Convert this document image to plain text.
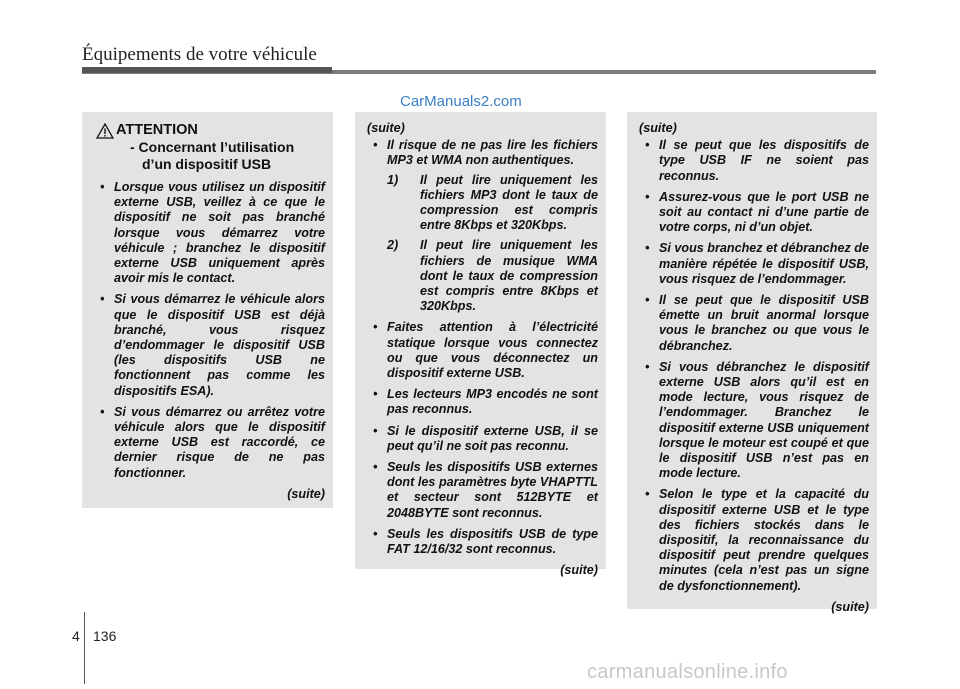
Équipements de votre véhicule
CarManuals2.com
ATTENTION
- Concernant l’utilisation
d’un dispositif USB
• Lorsque vous utilisez un dispositif externe USB, veillez à ce que le dispositif ne soit pas branché lorsque vous démarrez votre véhicule ; branchez le dispositif externe USB uniquement après avoir mis le contact.
• Si vous démarrez le véhicule alors que le dispositif USB est déjà branché, vous risquez d’endommager le dispositif USB (les dispositifs USB ne fonctionnent pas comme les dispositifs ESA).
• Si vous démarrez ou arrêtez votre véhicule alors que le dispositif externe USB est raccordé, ce dernier risque de ne pas fonctionner.
(suite)
(suite)
• Il risque de ne pas lire les fichiers MP3 et WMA non authentiques.
1) Il peut lire uniquement les fichiers MP3 dont le taux de compression est compris entre 8Kbps et 320Kbps.
2) Il peut lire uniquement les fichiers de musique WMA dont le taux de compression est compris entre 8Kbps et 320Kbps.
• Faites attention à l’électricité statique lorsque vous connectez ou que vous déconnectez un dispositif externe USB.
• Les lecteurs MP3 encodés ne sont pas reconnus.
• Si le dispositif externe USB, il se peut qu’il ne soit pas reconnu.
• Seuls les dispositifs USB externes dont les paramètres byte VHAPTTL et secteur sont 512BYTE et 2048BYTE sont reconnus.
• Seuls les dispositifs USB de type FAT 12/16/32 sont reconnus.
(suite)
(suite)
• Il se peut que les dispositifs de type USB IF ne soient pas reconnus.
• Assurez-vous que le port USB ne soit au contact ni d’une partie de votre corps, ni d’un objet.
• Si vous branchez et débranchez de manière répétée le dispositif USB, vous risquez de l’endommager.
• Il se peut que le dispositif USB émette un bruit anormal lorsque vous le branchez ou que vous le débranchez.
• Si vous débranchez le dispositif externe USB alors qu’il est en mode lecture, vous risquez de l’endommager. Branchez le dispositif externe USB uniquement lorsque le moteur est coupé et que le dispositif USB n’est pas en mode lecture.
• Selon le type et la capacité du dispositif externe USB et le type des fichiers stockés dans le dispositif, la reconnaissance du dispositif peut prendre quelques minutes (cela n’est pas un signe de dysfonctionnement).
(suite)
4 136
carmanualsonline.info
